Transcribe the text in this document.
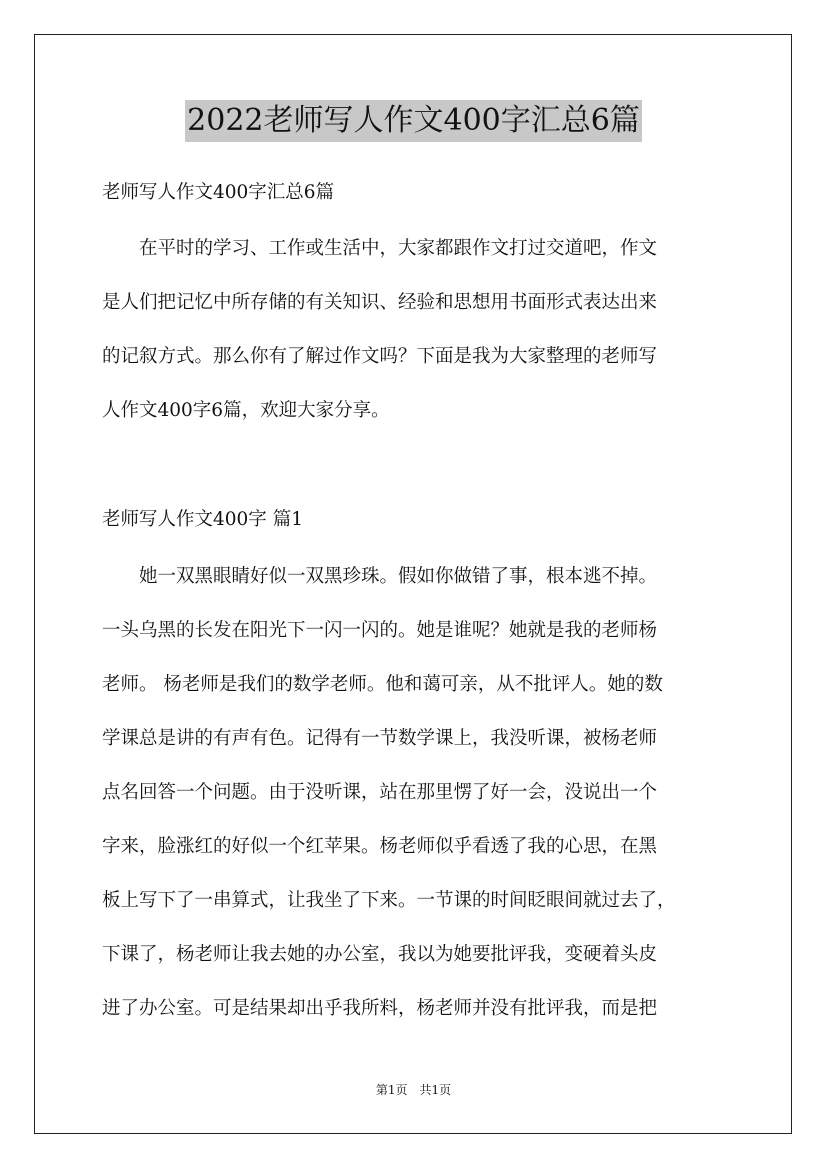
2022老师写人作文400字汇总6篇
老师写人作文400字汇总6篇
　　在平时的学习、工作或生活中，大家都跟作文打过交道吧，作文
是人们把记忆中所存储的有关知识、经验和思想用书面形式表达出来
的记叙方式。那么你有了解过作文吗？下面是我为大家整理的老师写
人作文400字6篇，欢迎大家分享。
老师写人作文400字 篇1
　　她一双黑眼睛好似一双黑珍珠。假如你做错了事，根本逃不掉。
一头乌黑的长发在阳光下一闪一闪的。她是谁呢？她就是我的老师杨
老师。 杨老师是我们的数学老师。他和蔼可亲，从不批评人。她的数
学课总是讲的有声有色。记得有一节数学课上，我没听课，被杨老师
点名回答一个问题。由于没听课，站在那里愣了好一会，没说出一个
字来，脸涨红的好似一个红苹果。杨老师似乎看透了我的心思，在黑
板上写下了一串算式，让我坐了下来。一节课的时间眨眼间就过去了，
下课了，杨老师让我去她的办公室，我以为她要批评我，变硬着头皮
进了办公室。可是结果却出乎我所料，杨老师并没有批评我，而是把
第1页　共1页
